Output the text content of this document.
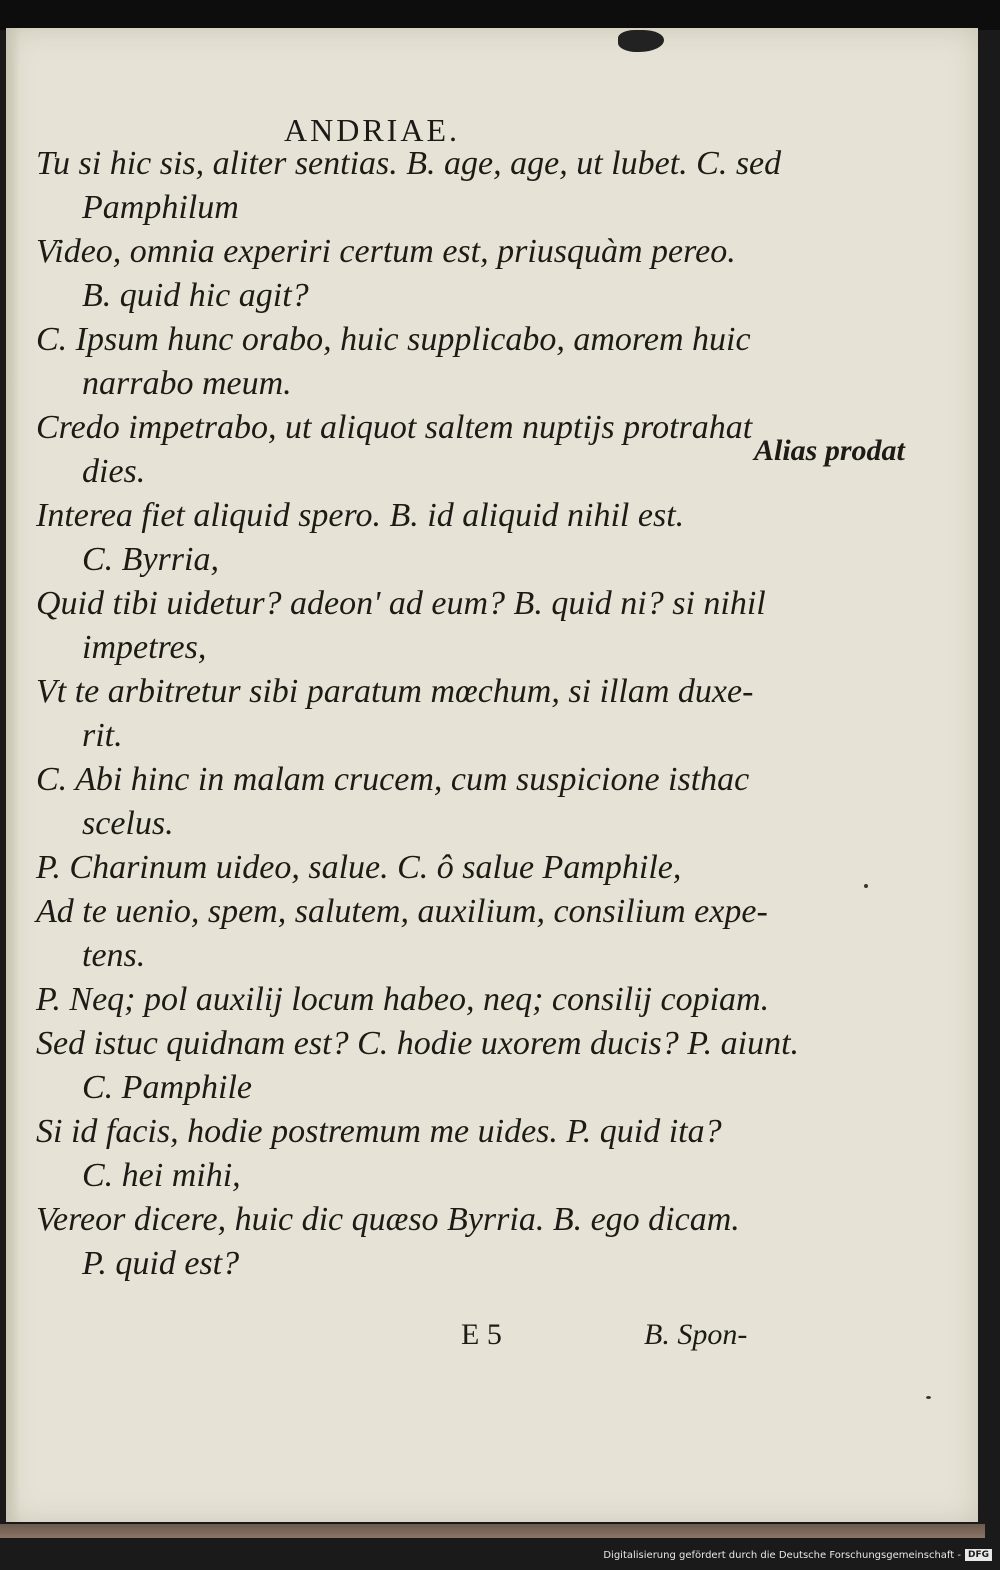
ANDRIAE.

Tu si hic sis, aliter sentias. B. age, age, ut lubet. C. sed

Pamphilum

Video, omnia experiri certum est, priusquàm pereo.

B. quid hic agit?

C. Ipsum hunc orabo, huic supplicabo, amorem huic

narrabo meum.

Credo impetrabo, ut aliquot saltem nuptijs protrahat

dies.

Interea fiet aliquid spero. B. id aliquid nihil est.

C. Byrria,

Quid tibi uidetur? adeon' ad eum? B. quid ni? si nihil

impetres,

Vt te arbitretur sibi paratum mœchum, si illam duxe-

rit.

C. Abi hinc in malam crucem, cum suspicione isthac

scelus.

P. Charinum uideo, salue. C. ô salue Pamphile,

Ad te uenio, spem, salutem, auxilium, consilium expe-

tens.

P. Neq; pol auxilij locum habeo, neq; consilij copiam.

Sed istuc quidnam est? C. hodie uxorem ducis? P. aiunt.

C. Pamphile

Si id facis, hodie postremum me uides. P. quid ita?

C. hei mihi,

Vereor dicere, huic dic quæso Byrria. B. ego dicam.

P. quid est?

Alias prodat
E 5	B. Spon-
Digitalisierung gefördert durch die Deutsche Forschungsgemeinschaft - DFG
